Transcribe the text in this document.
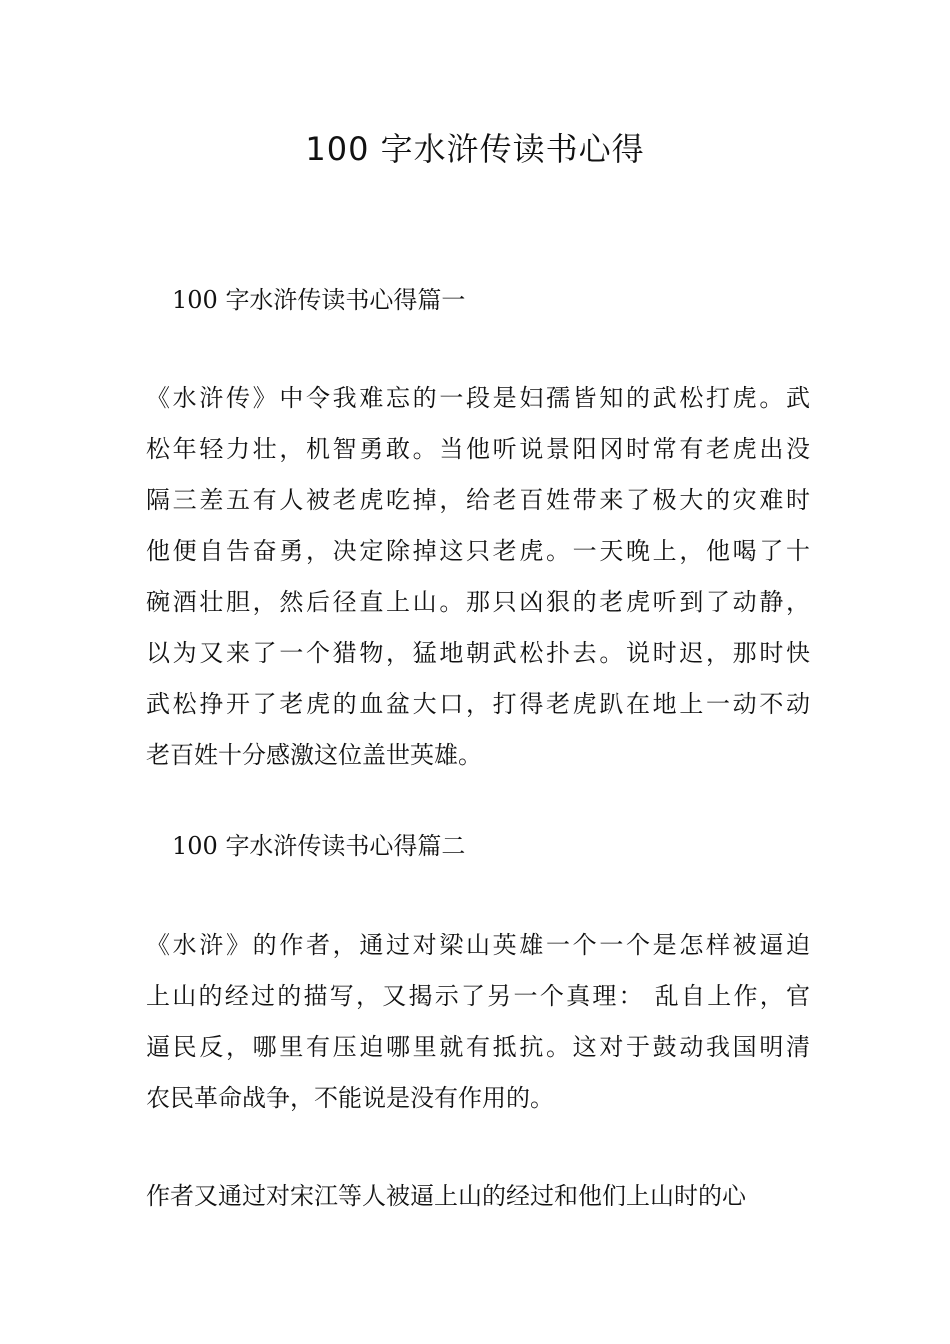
100 字水浒传读书心得
100 字水浒传读书心得篇一
《水浒传》中令我难忘的一段是妇孺皆知的武松打虎。武
松年轻力壮，机智勇敢。当他听说景阳冈时常有老虎出没
隔三差五有人被老虎吃掉，给老百姓带来了极大的灾难时
他便自告奋勇，决定除掉这只老虎。一天晚上，他喝了十
碗酒壮胆，然后径直上山。那只凶狠的老虎听到了动静，
以为又来了一个猎物，猛地朝武松扑去。说时迟，那时快
武松挣开了老虎的血盆大口，打得老虎趴在地上一动不动
老百姓十分感激这位盖世英雄。
100 字水浒传读书心得篇二
《水浒》的作者，通过对梁山英雄一个一个是怎样被逼迫
上山的经过的描写，又揭示了另一个真理： 乱自上作，官
逼民反，哪里有压迫哪里就有抵抗。这对于鼓动我国明清
农民革命战争，不能说是没有作用的。
作者又通过对宋江等人被逼上山的经过和他们上山时的心
